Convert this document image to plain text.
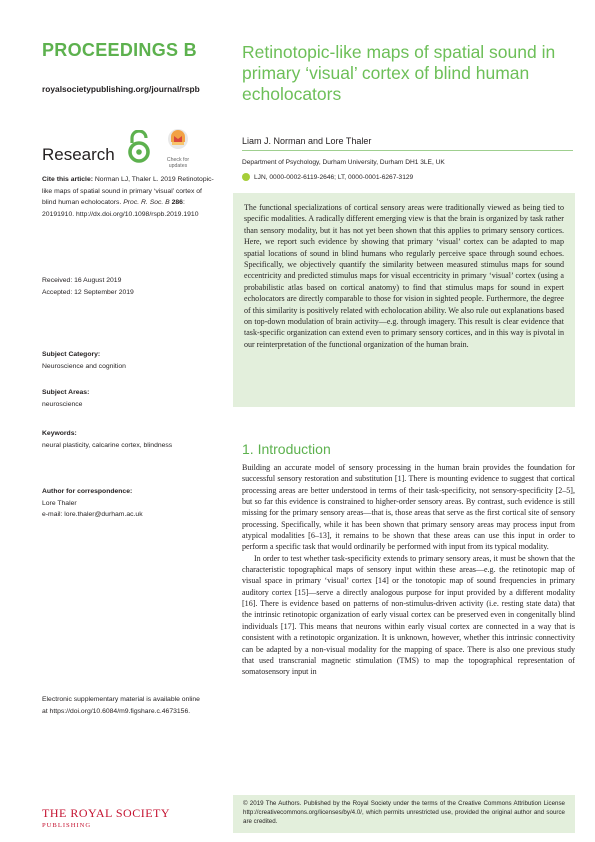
PROCEEDINGS B
royalsocietypublishing.org/journal/rspb
Retinotopic-like maps of spatial sound in primary ‘visual’ cortex of blind human echolocators
Liam J. Norman and Lore Thaler
Department of Psychology, Durham University, Durham DH1 3LE, UK
LJN, 0000-0002-6119-2646; LT, 0000-0001-6267-3129

The functional specializations of cortical sensory areas were traditionally viewed as being tied to specific modalities. A radically different emerging view is that the brain is organized by task rather than sensory modality, but it has not yet been shown that this applies to primary sensory cortices. Here, we report such evidence by showing that primary ‘visual’ cortex can be adapted to map spatial locations of sound in blind humans who regularly perceive space through sound echoes. Specifically, we objectively quantify the similarity between measured stimulus maps for sound eccentricity and predicted stimulus maps for visual eccentricity in primary ‘visual’ cortex (using a probabilistic atlas based on cortical anatomy) to find that stimulus maps for sound in expert echolocators are directly comparable to those for vision in sighted people. Furthermore, the degree of this similarity is positively related with echolocation ability. We also rule out explanations based on top-down modulation of brain activity—e.g. through imagery. This result is clear evidence that task-specific organization can extend even to primary sensory cortices, and in this way is pivotal in our reinterpretation of the functional organization of the human brain.

Research	Check for
updates
Cite this article: Norman LJ, Thaler L. 2019 Retinotopic-like maps of spatial sound in primary ‘visual’ cortex of blind human echolocators. Proc. R. Soc. B 286: 20191910. http://dx.doi.org/10.1098/rspb.2019.1910
Received: 16 August 2019
Accepted: 12 September 2019
Subject Category:
Neuroscience and cognition
Subject Areas:
neuroscience
Keywords:
neural plasticity, calcarine cortex, blindness
Author for correspondence:
Lore Thaler
e-mail: lore.thaler@durham.ac.uk
Electronic supplementary material is available online at https://doi.org/10.6084/m9.figshare.c.4673156.
1. Introduction

Building an accurate model of sensory processing in the human brain provides the foundation for successful sensory restoration and substitution [1]. There is mounting evidence to suggest that cortical processing areas are better understood in terms of their task-specificity, not sensory-specificity [2–5], but so far this evidence is constrained to higher-order sensory areas. By contrast, such evidence is still missing for the primary sensory areas—that is, those areas that serve as the first cortical site of sensory processing. Specifically, while it has been shown that primary sensory areas may process input from atypical modalities [6–13], it remains to be shown that these areas can use this input in order to perform a specific task that would ordinarily be performed with input from its typical modality.

In order to test whether task-specificity extends to primary sensory areas, it must be shown that the characteristic topographical maps of sensory input within these areas—e.g. the retinotopic map of visual space in primary ‘visual’ cortex [14] or the tonotopic map of sound frequencies in primary auditory cortex [15]—serve a directly analogous purpose for input provided by a different modality [16]. There is evidence based on patterns of non-stimulus-driven activity (i.e. resting state data) that the intrinsic retinotopic organization of early visual cortex can be preserved even in congenitally blind individuals [17]. This means that neurons within early visual cortex are connected in a way that is consistent with a retinotopic organization. It is unknown, however, whether this intrinsic connectivity can be adapted by a non-visual modality for the mapping of space. There is also one previous study that used transcranial magnetic stimulation (TMS) to map the topographical representation of somatosensory input in

© 2019 The Authors. Published by the Royal Society under the terms of the Creative Commons Attribution License http://creativecommons.org/licenses/by/4.0/, which permits unrestricted use, provided the original author and source are credited.

THE ROYAL SOCIETY
PUBLISHING
